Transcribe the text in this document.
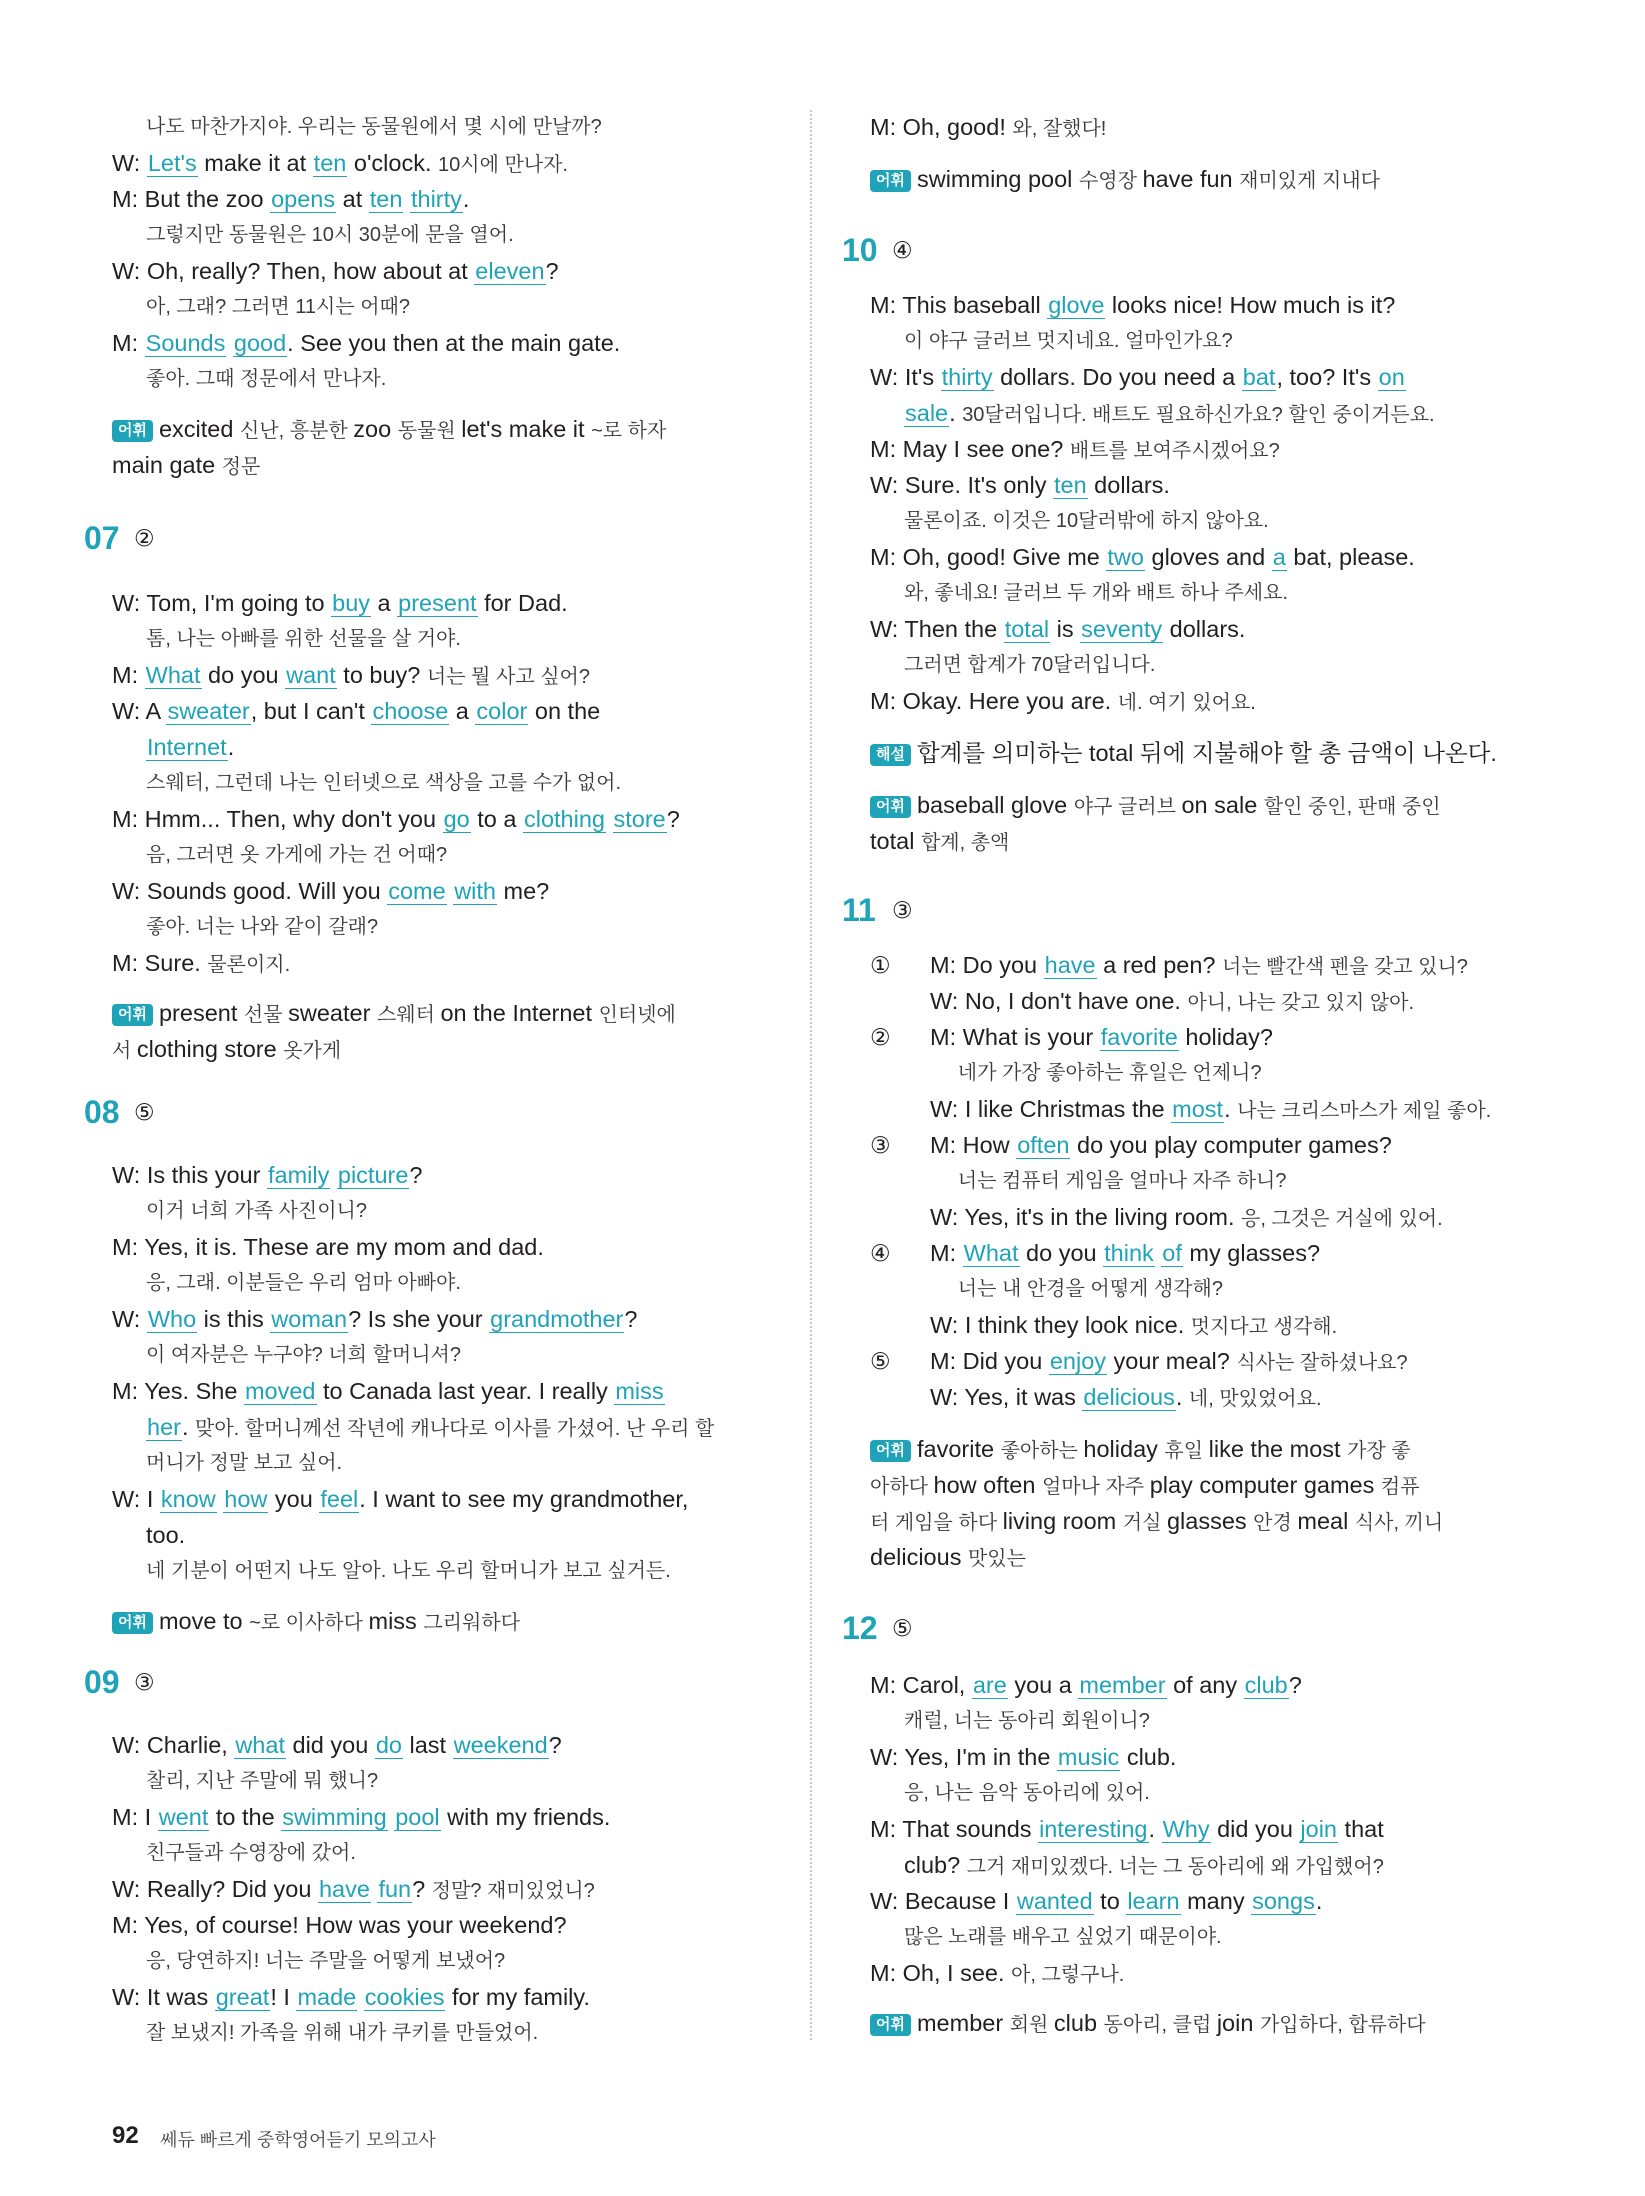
07 ②
08 ⑤
09 ③
나도 마찬가지야. 우리는 동물원에서 몇 시에 만날까?
W: Let's make it at ten o'clock. 10시에 만나자.
M: But the zoo opens at ten thirty.
그렇지만 동물원은 10시 30분에 문을 열어.
W: Oh, really? Then, how about at eleven?
아, 그래? 그러면 11시는 어때?
M: Sounds good. See you then at the main gate.
좋아. 그때 정문에서 만나자.
어휘 excited 신난, 흥분한 zoo 동물원 let's make it ~로 하자
main gate 정문
W: Tom, I'm going to buy a present for Dad.
톰, 나는 아빠를 위한 선물을 살 거야.
M: What do you want to buy? 너는 뭘 사고 싶어?
W: A sweater, but I can't choose a color on the
Internet.
스웨터, 그런데 나는 인터넷으로 색상을 고를 수가 없어.
M: Hmm... Then, why don't you go to a clothing store?
음, 그러면 옷 가게에 가는 건 어때?
W: Sounds good. Will you come with me?
좋아. 너는 나와 같이 갈래?
M: Sure. 물론이지.
어휘 present 선물 sweater 스웨터 on the Internet 인터넷에
서 clothing store 옷가게
W: Is this your family picture?
이거 너희 가족 사진이니?
M: Yes, it is. These are my mom and dad.
응, 그래. 이분들은 우리 엄마 아빠야.
W: Who is this woman? Is she your grandmother?
이 여자분은 누구야? 너희 할머니셔?
M: Yes. She moved to Canada last year. I really miss
her. 맞아. 할머니께선 작년에 캐나다로 이사를 가셨어. 난 우리 할
머니가 정말 보고 싶어.
W: I know how you feel. I want to see my grandmother,
too.
네 기분이 어떤지 나도 알아. 나도 우리 할머니가 보고 싶거든.
어휘 move to ~로 이사하다 miss 그리워하다
W: Charlie, what did you do last weekend?
찰리, 지난 주말에 뭐 했니?
M: I went to the swimming pool with my friends.
친구들과 수영장에 갔어.
W: Really? Did you have fun? 정말? 재미있었니?
M: Yes, of course! How was your weekend?
응, 당연하지! 너는 주말을 어떻게 보냈어?
W: It was great! I made cookies for my family.
잘 보냈지! 가족을 위해 내가 쿠키를 만들었어.
10 ④
11 ③
12 ⑤
M: Oh, good! 와, 잘했다!
어휘 swimming pool 수영장 have fun 재미있게 지내다
M: This baseball glove looks nice! How much is it?
이 야구 글러브 멋지네요. 얼마인가요?
W: It's thirty dollars. Do you need a bat, too? It's on
sale. 30달러입니다. 배트도 필요하신가요? 할인 중이거든요.
M: May I see one? 배트를 보여주시겠어요?
W: Sure. It's only ten dollars.
물론이죠. 이것은 10달러밖에 하지 않아요.
M: Oh, good! Give me two gloves and a bat, please.
와, 좋네요! 글러브 두 개와 배트 하나 주세요.
W: Then the total is seventy dollars.
그러면 합계가 70달러입니다.
M: Okay. Here you are. 네. 여기 있어요.
해설 합계를 의미하는 total 뒤에 지불해야 할 총 금액이 나온다.
어휘 baseball glove 야구 글러브 on sale 할인 중인, 판매 중인
total 합계, 총액
① M: Do you have a red pen? 너는 빨간색 펜을 갖고 있니?
W: No, I don't have one. 아니, 나는 갖고 있지 않아.
② M: What is your favorite holiday?
네가 가장 좋아하는 휴일은 언제니?
W: I like Christmas the most. 나는 크리스마스가 제일 좋아.
③ M: How often do you play computer games?
너는 컴퓨터 게임을 얼마나 자주 하니?
W: Yes, it's in the living room. 응, 그것은 거실에 있어.
④ M: What do you think of my glasses?
너는 내 안경을 어떻게 생각해?
W: I think they look nice. 멋지다고 생각해.
⑤ M: Did you enjoy your meal? 식사는 잘하셨나요?
W: Yes, it was delicious. 네, 맛있었어요.
어휘 favorite 좋아하는 holiday 휴일 like the most 가장 좋
아하다 how often 얼마나 자주 play computer games 컴퓨
터 게임을 하다 living room 거실 glasses 안경 meal 식사, 끼니
delicious 맛있는
M: Carol, are you a member of any club?
캐럴, 너는 동아리 회원이니?
W: Yes, I'm in the music club.
응, 나는 음악 동아리에 있어.
M: That sounds interesting. Why did you join that
club? 그거 재미있겠다. 너는 그 동아리에 왜 가입했어?
W: Because I wanted to learn many songs.
많은 노래를 배우고 싶었기 때문이야.
M: Oh, I see. 아, 그렇구나.
어휘 member 회원 club 동아리, 클럽 join 가입하다, 합류하다
92 쎄듀 빠르게 중학영어듣기 모의고사
